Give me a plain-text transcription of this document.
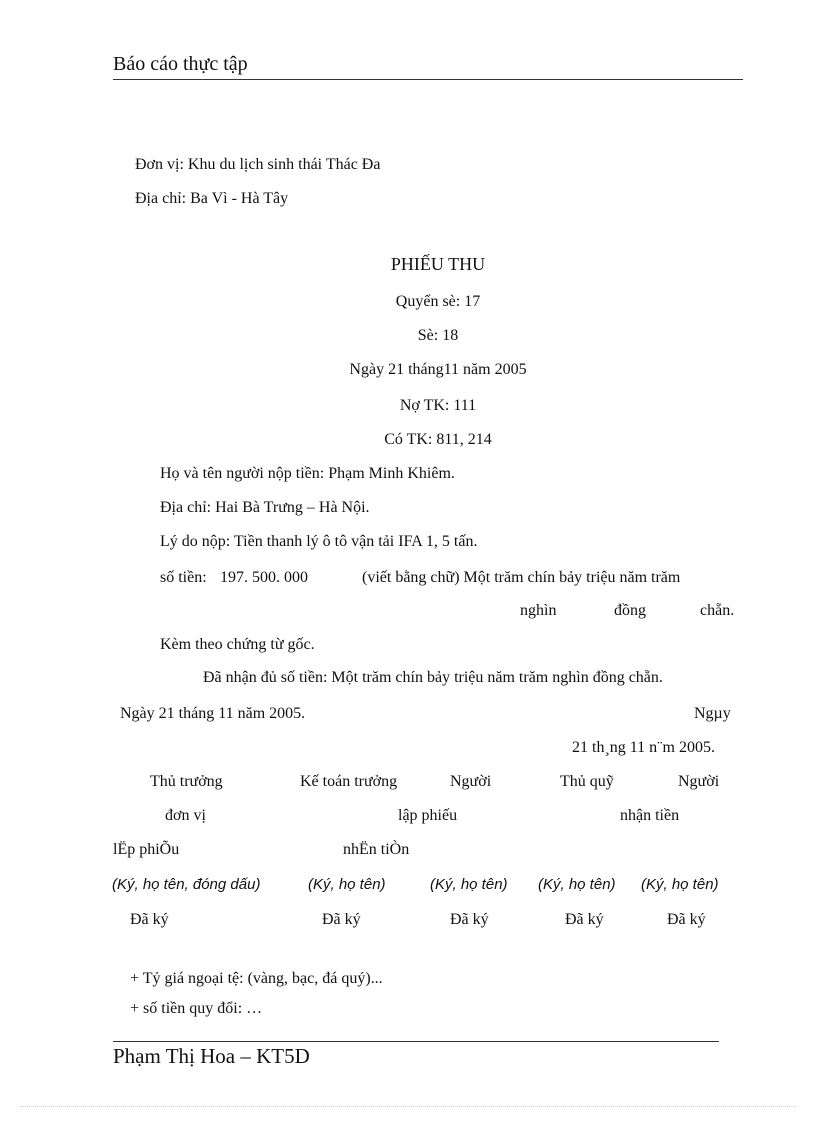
Báo cáo thực tập
Đơn vị: Khu du lịch sinh thái Thác Đa
Địa chỉ: Ba Vì - Hà Tây
PHIẾU THU
Quyển sè: 17
Sè: 18
Ngày 21 tháng11 năm 2005
Nợ TK: 111
Có TK: 811, 214
Họ và tên người nộp tiền: Phạm Minh Khiêm.
Địa chỉ: Hai Bà Trưng – Hà Nội.
Lý do nộp: Tiền thanh lý ô tô vận tải IFA 1, 5 tấn.
số tiền: 197. 500. 000	(viết bằng chữ) Một trăm chín bảy triệu năm trăm
nghìn	đồng	chẵn.
Kèm theo chứng từ gốc.
Đã nhận đủ số tiền: Một trăm chín bảy triệu năm trăm nghìn đồng chẵn.
Ngày 21 tháng 11 năm 2005.	Ngµy
21 th¸ng 11 n¨m 2005.
Thủ trưởng	Kế toán trưởng	Người	Thủ quỹ	Người
đơn vị	lập phiếu	nhận tiền
lËp phiÕu	nhËn tiÒn
(Ký, họ tên, đóng dấu)	(Ký, họ tên)	(Ký, họ tên) (Ký, họ tên) (Ký, họ tên)
Đã ký	Đã ký	Đã ký	Đã ký	Đã ký
+ Tỷ giá ngoại tệ: (vàng, bạc, đá quý)...
+ số tiền quy đổi: …
Phạm Thị Hoa – KT5D
